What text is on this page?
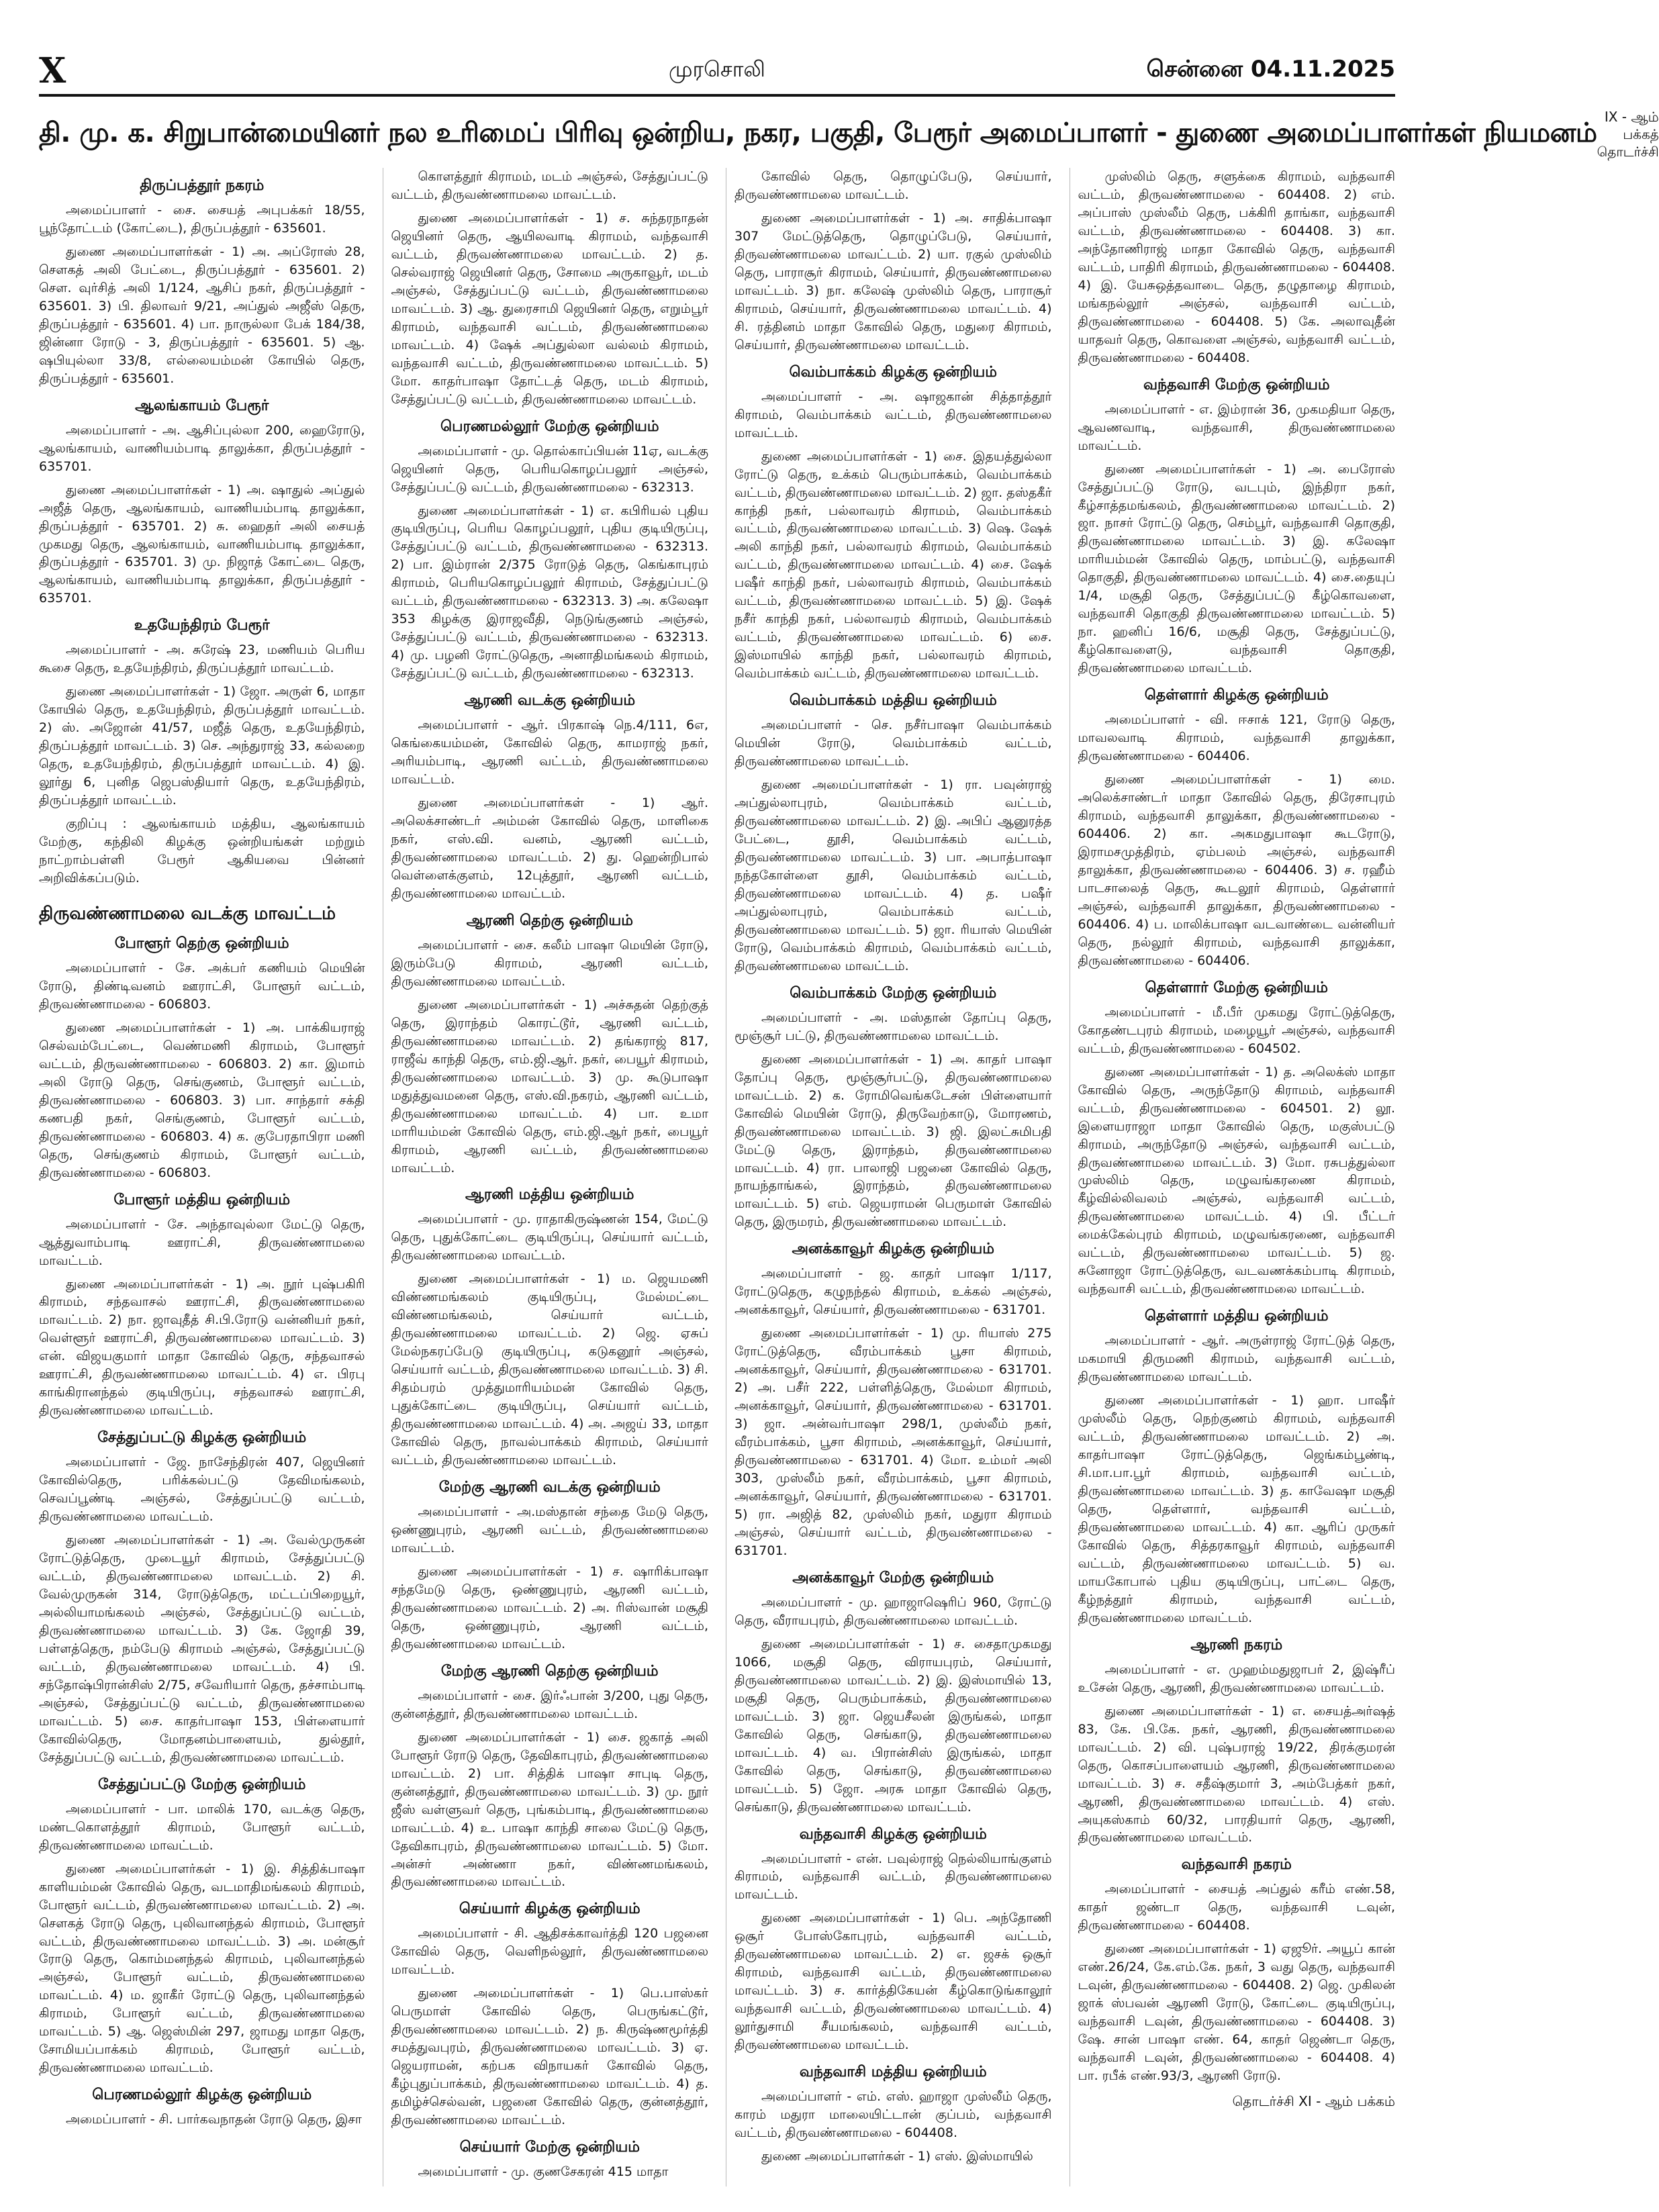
X	முரசொலி	சென்னை 04.11.2025
தி. மு. க. சிறுபான்மையினர் நல உரிமைப் பிரிவு ஒன்றிய, நகர, பகுதி, பேரூர் அமைப்பாளர் - துணை அமைப்பாளர்கள் நியமனம்
IX - ஆம் பக்கத் தொடர்ச்சி
திருப்பத்தூர் நகரம்

அமைப்பாளர் - சை. சையத் அபுபக்கர் 18/55, பூந்தோட்டம் (கோட்டை), திருப்பத்தூர் - 635601.

துணை அமைப்பாளர்கள் - 1) அ. அப்ரோஸ் 28, சௌகத் அலி பேட்டை, திருப்பத்தூர் - 635601. 2) சௌ. வுர்சித் அலி 1/124, ஆசிப் நகர், திருப்பத்தூர் - 635601. 3) பி. திலாவர் 9/21, அப்துல் அஜீஸ் தெரு, திருப்பத்தூர் - 635601. 4) பா. நாருல்லா பேக் 184/38, ஜின்னா ரோடு - 3, திருப்பத்தூர் - 635601. 5) ஆ. ஷபியுல்லா 33/8, எல்லையம்மன் கோயில் தெரு, திருப்பத்தூர் - 635601.

ஆலங்காயம் பேரூர்

அமைப்பாளர் - அ. ஆசிப்புல்லா 200, ஹைரோடு, ஆலங்காயம், வாணியம்பாடி தாலுக்கா, திருப்பத்தூர் - 635701.

துணை அமைப்பாளர்கள் - 1) அ. ஷாதுல் அப்துல் அஜீத் தெரு, ஆலங்காயம், வாணியம்பாடி தாலுக்கா, திருப்பத்தூர் - 635701. 2) சு. ஹைதர் அலி சையத் முகமது தெரு, ஆலங்காயம், வாணியம்பாடி தாலுக்கா, திருப்பத்தூர் - 635701. 3) மு. நிஜாத் கோட்டை தெரு, ஆலங்காயம், வாணியம்பாடி தாலுக்கா, திருப்பத்தூர் - 635701.

உதயேந்திரம் பேரூர்

அமைப்பாளர் - அ. சுரேஷ் 23, மணியம் பெரிய கூசை தெரு, உதயேந்திரம், திருப்பத்தூர் மாவட்டம்.

துணை அமைப்பாளர்கள் - 1) ஜோ. அருள் 6, மாதா கோயில் தெரு, உதயேந்திரம், திருப்பத்தூர் மாவட்டம். 2) ஸ். அஜோன் 41/57, மஜீத் தெரு, உதயேந்திரம், திருப்பத்தூர் மாவட்டம். 3) செ. அந்துராஜ் 33, கல்லறை தெரு, உதயேந்திரம், திருப்பத்தூர் மாவட்டம். 4) இ. லூர்து 6, புனித ஜெபஸ்தியார் தெரு, உதயேந்திரம், திருப்பத்தூர் மாவட்டம்.

குறிப்பு : ஆலங்காயம் மத்திய, ஆலங்காயம் மேற்கு, கந்திலி கிழக்கு ஒன்றியங்கள் மற்றும் நாட்றாம்பள்ளி பேரூர் ஆகியவை பின்னர் அறிவிக்கப்படும்.

திருவண்ணாமலை வடக்கு மாவட்டம்
போளூர் தெற்கு ஒன்றியம்

அமைப்பாளர் - சே. அக்பர் கணியம் மெயின் ரோடு, திண்டிவனம் ஊராட்சி, போளூர் வட்டம், திருவண்ணாமலை - 606803.

துணை அமைப்பாளர்கள் - 1) அ. பாக்கியராஜ் செல்வம்பேட்டை, வெண்மணி கிராமம், போளூர் வட்டம், திருவண்ணாமலை - 606803. 2) கா. இமாம் அலி ரோடு தெரு, செங்குணம், போளூர் வட்டம், திருவண்ணாமலை - 606803. 3) பா. சாந்தார் சக்தி கணபதி நகர், செங்குணம், போளூர் வட்டம், திருவண்ணாமலை - 606803. 4) க. குபேரதாபிரா மணி தெரு, செங்குணம் கிராமம், போளூர் வட்டம், திருவண்ணாமலை - 606803.

போளூர் மத்திய ஒன்றியம்

அமைப்பாளர் - சே. அந்தாவுல்லா மேட்டு தெரு, ஆத்துவாம்பாடி ஊராட்சி, திருவண்ணாமலை மாவட்டம்.

துணை அமைப்பாளர்கள் - 1) அ. நூர் புஷ்பகிரி கிராமம், சந்தவாசல் ஊராட்சி, திருவண்ணாமலை மாவட்டம். 2) நா. ஜாவுதீத் சி.பி.ரோடு வன்னியர் நகர், வெள்ளூர் ஊராட்சி, திருவண்ணாமலை மாவட்டம். 3) என். விஜயகுமார் மாதா கோவில் தெரு, சந்தவாசல் ஊராட்சி, திருவண்ணாமலை மாவட்டம். 4) எ. பிரபு காங்கிரானந்தல் குடியிருப்பு, சந்தவாசல் ஊராட்சி, திருவண்ணாமலை மாவட்டம்.

சேத்துப்பட்டு கிழக்கு ஒன்றியம்

அமைப்பாளர் - ஜே. நாசேந்திரன் 407, ஜெயினர் கோவில்தெரு, பரிக்கல்பட்டு தேவிமங்கலம், செவப்பூண்டி அஞ்சல், சேத்துப்பட்டு வட்டம், திருவண்ணாமலை மாவட்டம்.

துணை அமைப்பாளர்கள் - 1) அ. வேல்முருகன் ரோட்டுத்தெரு, முடையூர் கிராமம், சேத்துப்பட்டு வட்டம், திருவண்ணாமலை மாவட்டம். 2) சி. வேல்முருகன் 314, ரோடுத்தெரு, மட்டப்பிறையூர், அல்லியாமங்கலம் அஞ்சல், சேத்துப்பட்டு வட்டம், திருவண்ணாமலை மாவட்டம். 3) கே. ஜோதி 39, பள்ளத்தெரு, நம்பேடு கிராமம் அஞ்சல், சேத்துப்பட்டு வட்டம், திருவண்ணாமலை மாவட்டம். 4) பி. சந்தோஷ்பிரான்சிஸ் 2/75, சவேரியார் தெரு, தச்சாம்பாடி அஞ்சல், சேத்துப்பட்டு வட்டம், திருவண்ணாமலை மாவட்டம். 5) சை. காதர்பாஷா 153, பிள்ளையார் கோவில்தெரு, மோதனம்பாளையம், துல்தூர், சேத்துப்பட்டு வட்டம், திருவண்ணாமலை மாவட்டம்.

சேத்துப்பட்டு மேற்கு ஒன்றியம்

அமைப்பாளர் - பா. மாலிக் 170, வடக்கு தெரு, மண்டகொளத்தூர் கிராமம், போளூர் வட்டம், திருவண்ணாமலை மாவட்டம்.

துணை அமைப்பாளர்கள் - 1) இ. சித்திக்பாஷா காளியம்மன் கோவில் தெரு, வடமாதிமங்கலம் கிராமம், போளூர் வட்டம், திருவண்ணாமலை மாவட்டம். 2) அ. சௌகத் ரோடு தெரு, புலிவானந்தல் கிராமம், போளூர் வட்டம், திருவண்ணாமலை மாவட்டம். 3) அ. மன்சூர் ரோடு தெரு, கொம்மனந்தல் கிராமம், புலிவானந்தல் அஞ்சல், போளூர் வட்டம், திருவண்ணாமலை மாவட்டம். 4) ம. ஜாகீர் ரோட்டு தெரு, புலிவானந்தல் கிராமம், போளூர் வட்டம், திருவண்ணாமலை மாவட்டம். 5) ஆ. ஜெஸ்மின் 297, ஜாமது மாதா தெரு, சோமியப்பாக்கம் கிராமம், போளூர் வட்டம், திருவண்ணாமலை மாவட்டம்.

பெரணமல்லூர் கிழக்கு ஒன்றியம்

அமைப்பாளர் - சி. பார்கவநாதன் ரோடு தெரு, இசா

கொளத்தூர் கிராமம், மடம் அஞ்சல், சேத்துப்பட்டு வட்டம், திருவண்ணாமலை மாவட்டம்.

துணை அமைப்பாளர்கள் - 1) ச. சுந்தரநாதன் ஜெயினர் தெரு, ஆயிலவாடி கிராமம், வந்தவாசி வட்டம், திருவண்ணாமலை மாவட்டம். 2) த. செல்வராஜ் ஜெயினர் தெரு, சோமை அருகாவூர், மடம் அஞ்சல், சேத்துப்பட்டு வட்டம், திருவண்ணாமலை மாவட்டம். 3) ஆ. துரைசாமி ஜெயினர் தெரு, எறும்பூர் கிராமம், வந்தவாசி வட்டம், திருவண்ணாமலை மாவட்டம். 4) ஷேக் அப்துல்லா வல்லம் கிராமம், வந்தவாசி வட்டம், திருவண்ணாமலை மாவட்டம். 5) மோ. காதர்பாஷா தோட்டத் தெரு, மடம் கிராமம், சேத்துப்பட்டு வட்டம், திருவண்ணாமலை மாவட்டம்.

பெரணமல்லூர் மேற்கு ஒன்றியம்

அமைப்பாளர் - மு. தொல்காப்பியன் 11ஏ, வடக்கு ஜெயினர் தெரு, பெரியகொழப்பலூர் அஞ்சல், சேத்துப்பட்டு வட்டம், திருவண்ணாமலை - 632313.

துணை அமைப்பாளர்கள் - 1) எ. கபிரியல் புதிய குடியிருப்பு, பெரிய கொழப்பலூர், புதிய குடியிருப்பு, சேத்துப்பட்டு வட்டம், திருவண்ணாமலை - 632313. 2) பா. இம்ரான் 2/375 ரோடுத் தெரு, கெங்காபுரம் கிராமம், பெரியகொழப்பலூர் கிராமம், சேத்துப்பட்டு வட்டம், திருவண்ணாமலை - 632313. 3) அ. கலேஷா 353 கிழக்கு இராஜவீதி, நெடுங்குணம் அஞ்சல், சேத்துப்பட்டு வட்டம், திருவண்ணாமலை - 632313. 4) மு. பழனி ரோட்டுதெரு, அனாதிமங்கலம் கிராமம், சேத்துப்பட்டு வட்டம், திருவண்ணாமலை - 632313.

ஆரணி வடக்கு ஒன்றியம்

அமைப்பாளர் - ஆர். பிரகாஷ் நெ.4/111, 6எ, கெங்கையம்மன், கோவில் தெரு, காமராஜ் நகர், அரியம்பாடி, ஆரணி வட்டம், திருவண்ணாமலை மாவட்டம்.

துணை அமைப்பாளர்கள் - 1) ஆர். அலெக்சாண்டர் அம்மன் கோவில் தெரு, மாளிகை நகர், எஸ்.வி. வனம், ஆரணி வட்டம், திருவண்ணாமலை மாவட்டம். 2) து. ஹென்றிபால் வெள்ளைக்குளம், 12புத்தூர், ஆரணி வட்டம், திருவண்ணாமலை மாவட்டம்.

ஆரணி தெற்கு ஒன்றியம்

அமைப்பாளர் - சை. கலீம் பாஷா மெயின் ரோடு, இரும்பேடு கிராமம், ஆரணி வட்டம், திருவண்ணாமலை மாவட்டம்.

துணை அமைப்பாளர்கள் - 1) அச்சுதன் தெற்குத் தெரு, இராந்தம் கொரட்டூர், ஆரணி வட்டம், திருவண்ணாமலை மாவட்டம். 2) தங்கராஜ் 817, ராஜீவ் காந்தி தெரு, எம்.ஜி.ஆர். நகர், பையூர் கிராமம், திருவண்ணாமலை மாவட்டம். 3) மு. கூடுபாஷா மதுத்துவமனை தெரு, எஸ்.வி.நகரம், ஆரணி வட்டம், திருவண்ணாமலை மாவட்டம். 4) பா. உமா மாரியம்மன் கோவில் தெரு, எம்.ஜி.ஆர் நகர், பையூர் கிராமம், ஆரணி வட்டம், திருவண்ணாமலை மாவட்டம்.

ஆரணி மத்திய ஒன்றியம்

அமைப்பாளர் - மு. ராதாகிருஷ்ணன் 154, மேட்டு தெரு, புதுக்கோட்டை குடியிருப்பு, செய்யார் வட்டம், திருவண்ணாமலை மாவட்டம்.

துணை அமைப்பாளர்கள் - 1) ம. ஜெயமணி விண்ணமங்கலம் குடியிருப்பு, மேல்மட்டை விண்ணமங்கலம், செய்யார் வட்டம், திருவண்ணாமலை மாவட்டம். 2) ஜெ. ஏசுப் மேல்நகரப்பேடு குடியிருப்பு, கடுகனூர் அஞ்சல், செய்யார் வட்டம், திருவண்ணாமலை மாவட்டம். 3) சி. சிதம்பரம் முத்துமாரியம்மன் கோவில் தெரு, புதுக்கோட்டை குடியிருப்பு, செய்யார் வட்டம், திருவண்ணாமலை மாவட்டம். 4) அ. அஜய் 33, மாதா கோவில் தெரு, நாவல்பாக்கம் கிராமம், செய்யார் வட்டம், திருவண்ணாமலை மாவட்டம்.

மேற்கு ஆரணி வடக்கு ஒன்றியம்

அமைப்பாளர் - அ.மஸ்தான் சந்தை மேடு தெரு, ஒண்ணுபுரம், ஆரணி வட்டம், திருவண்ணாமலை மாவட்டம்.

துணை அமைப்பாளர்கள் - 1) ச. ஷாரிக்பாஷா சந்தமேடு தெரு, ஒண்ணுபுரம், ஆரணி வட்டம், திருவண்ணாமலை மாவட்டம். 2) அ. ரிஸ்வான் மசூதி தெரு, ஒண்ணுபுரம், ஆரணி வட்டம், திருவண்ணாமலை மாவட்டம்.

மேற்கு ஆரணி தெற்கு ஒன்றியம்

அமைப்பாளர் - சை. இர்ஃபான் 3/200, புது தெரு, குன்னத்தூர், திருவண்ணாமலை மாவட்டம்.

துணை அமைப்பாளர்கள் - 1) சை. ஜகாத் அலி போளூர் ரோடு தெரு, தேவிகாபுரம், திருவண்ணாமலை மாவட்டம். 2) பா. சித்திக் பாஷா சாபுடி தெரு, குன்னத்தூர், திருவண்ணாமலை மாவட்டம். 3) மு. நூர் ஜீஸ் வள்ளுவர் தெரு, புங்கம்பாடி, திருவண்ணாமலை மாவட்டம். 4) உ. பாஷா காந்தி சாலை மேட்டு தெரு, தேவிகாபுரம், திருவண்ணாமலை மாவட்டம். 5) மோ. அன்சர் அண்ணா நகர், விண்ணமங்கலம், திருவண்ணாமலை மாவட்டம்.

செய்யார் கிழக்கு ஒன்றியம்

அமைப்பாளர் - சி. ஆதிசக்காவர்த்தி 120 பஜனை கோவில் தெரு, வெளிநல்லூர், திருவண்ணாமலை மாவட்டம்.

துணை அமைப்பாளர்கள் - 1) பெ.பாஸ்கர் பெருமாள் கோவில் தெரு, பெருங்கட்டூர், திருவண்ணாமலை மாவட்டம். 2) ந. கிருஷ்ணமூர்த்தி சமத்துவபுரம், திருவண்ணாமலை மாவட்டம். 3) ஏ. ஜெயராமன், கற்பக விநாயகர் கோவில் தெரு, கீழ்புதுப்பாக்கம், திருவண்ணாமலை மாவட்டம். 4) த. தமிழ்ச்செல்வன், பஜனை கோவில் தெரு, குன்னத்தூர், திருவண்ணாமலை மாவட்டம்.

செய்யார் மேற்கு ஒன்றியம்

அமைப்பாளர் - மு. குணசேகரன் 415 மாதா

கோவில் தெரு, தொழுப்பேடு, செய்யார், திருவண்ணாமலை மாவட்டம்.

துணை அமைப்பாளர்கள் - 1) அ. சாதிக்பாஷா 307 மேட்டுத்தெரு, தொழுப்பேடு, செய்யார், திருவண்ணாமலை மாவட்டம். 2) யா. ரகுல் முஸ்லிம் தெரு, பாராசூர் கிராமம், செய்யார், திருவண்ணாமலை மாவட்டம். 3) நா. கலேஷ் முஸ்லிம் தெரு, பாராசூர் கிராமம், செய்யார், திருவண்ணாமலை மாவட்டம். 4) சி. ரத்தினம் மாதா கோவில் தெரு, மதுரை கிராமம், செய்யார், திருவண்ணாமலை மாவட்டம்.

வெம்பாக்கம் கிழக்கு ஒன்றியம்

அமைப்பாளர் - அ. ஷாஜகான் சித்தாத்தூர் கிராமம், வெம்பாக்கம் வட்டம், திருவண்ணாமலை மாவட்டம்.

துணை அமைப்பாளர்கள் - 1) சை. இதயத்துல்லா ரோட்டு தெரு, உக்கம் பெரும்பாக்கம், வெம்பாக்கம் வட்டம், திருவண்ணாமலை மாவட்டம். 2) ஜா. தஸ்தகீர் காந்தி நகர், பல்லாவரம் கிராமம், வெம்பாக்கம் வட்டம், திருவண்ணாமலை மாவட்டம். 3) ஷெ. ஷேக் அலி காந்தி நகர், பல்லாவரம் கிராமம், வெம்பாக்கம் வட்டம், திருவண்ணாமலை மாவட்டம். 4) சை. ஷேக் பஷீர் காந்தி நகர், பல்லாவரம் கிராமம், வெம்பாக்கம் வட்டம், திருவண்ணாமலை மாவட்டம். 5) இ. ஷேக் நசீர் காந்தி நகர், பல்லாவரம் கிராமம், வெம்பாக்கம் வட்டம், திருவண்ணாமலை மாவட்டம். 6) சை. இஸ்மாயில் காந்தி நகர், பல்லாவரம் கிராமம், வெம்பாக்கம் வட்டம், திருவண்ணாமலை மாவட்டம்.

வெம்பாக்கம் மத்திய ஒன்றியம்

அமைப்பாளர் - செ. நசீர்பாஷா வெம்பாக்கம் மெயின் ரோடு, வெம்பாக்கம் வட்டம், திருவண்ணாமலை மாவட்டம்.

துணை அமைப்பாளர்கள் - 1) ரா. பவுன்ராஜ் அப்துல்லாபுரம், வெம்பாக்கம் வட்டம், திருவண்ணாமலை மாவட்டம். 2) இ. அபிப் ஆனுரத்த பேட்டை, தூசி, வெம்பாக்கம் வட்டம், திருவண்ணாமலை மாவட்டம். 3) பா. அபாத்பாஷா நந்தகோள்ளை தூசி, வெம்பாக்கம் வட்டம், திருவண்ணாமலை மாவட்டம். 4) த. பஷீர் அப்துல்லாபுரம், வெம்பாக்கம் வட்டம், திருவண்ணாமலை மாவட்டம். 5) ஜா. ரியாஸ் மெயின் ரோடு, வெம்பாக்கம் கிராமம், வெம்பாக்கம் வட்டம், திருவண்ணாமலை மாவட்டம்.

வெம்பாக்கம் மேற்கு ஒன்றியம்

அமைப்பாளர் - அ. மஸ்தான் தோப்பு தெரு, மூஞ்சூர் பட்டு, திருவண்ணாமலை மாவட்டம்.

துணை அமைப்பாளர்கள் - 1) அ. காதர் பாஷா தோப்பு தெரு, மூஞ்சூர்பட்டு, திருவண்ணாமலை மாவட்டம். 2) க. ரோமிவெங்கடேசன் பிள்ளையார் கோவில் மெயின் ரோடு, திருவேற்காடு, மோரணம், திருவண்ணாமலை மாவட்டம். 3) ஜி. இலட்சுமிபதி மேட்டு தெரு, இராந்தம், திருவண்ணாமலை மாவட்டம். 4) ரா. பாலாஜி பஜனை கோவில் தெரு, நாயந்தாங்கல், இராந்தம், திருவண்ணாமலை மாவட்டம். 5) எம். ஜெயராமன் பெருமாள் கோவில் தெரு, இருமரம், திருவண்ணாமலை மாவட்டம்.

அனக்காவூர் கிழக்கு ஒன்றியம்

அமைப்பாளர் - ஜ. காதர் பாஷா 1/117, ரோட்டுதெரு, கழுநந்தல் கிராமம், உக்கல் அஞ்சல், அனக்காவூர், செய்யார், திருவண்ணாமலை - 631701.

துணை அமைப்பாளர்கள் - 1) மு. ரியாஸ் 275 ரோட்டுத்தெரு, வீரம்பாக்கம் பூசா கிராமம், அனக்காவூர், செய்யார், திருவண்ணாமலை - 631701. 2) அ. பசீர் 222, பள்ளித்தெரு, மேல்மா கிராமம், அனக்காவூர், செய்யார், திருவண்ணாமலை - 631701. 3) ஜா. அன்வர்பாஷா 298/1, முஸ்லீம் நகர், வீரம்பாக்கம், பூசா கிராமம், அனக்காவூர், செய்யார், திருவண்ணாமலை - 631701. 4) மோ. உம்மர் அலி 303, முஸ்லீம் நகர், வீரம்பாக்கம், பூசா கிராமம், அனக்காவூர், செய்யார், திருவண்ணாமலை - 631701. 5) ரா. அஜித் 82, முஸ்லிம் நகர், மதுரா கிராமம் அஞ்சல், செய்யார் வட்டம், திருவண்ணாமலை - 631701.

அனக்காவூர் மேற்கு ஒன்றியம்

அமைப்பாளர் - மு. ஹாஜாஷெரிப் 960, ரோட்டு தெரு, வீராயபுரம், திருவண்ணாமலை மாவட்டம்.

துணை அமைப்பாளர்கள் - 1) ச. சைதாமுகமது 1066, மசூதி தெரு, விராயபுரம், செய்யார், திருவண்ணாமலை மாவட்டம். 2) இ. இஸ்மாயில் 13, மசூதி தெரு, பெரும்பாக்கம், திருவண்ணாமலை மாவட்டம். 3) ஜா. ஜெயசீலன் இருங்கல், மாதா கோவில் தெரு, செங்காடு, திருவண்ணாமலை மாவட்டம். 4) வ. பிரான்சிஸ் இருங்கல், மாதா கோவில் தெரு, செங்காடு, திருவண்ணாமலை மாவட்டம். 5) ஜோ. அரசு மாதா கோவில் தெரு, செங்காடு, திருவண்ணாமலை மாவட்டம்.

வந்தவாசி கிழக்கு ஒன்றியம்

அமைப்பாளர் - என். பவுல்ராஜ் நெல்லியாங்குளம் கிராமம், வந்தவாசி வட்டம், திருவண்ணாமலை மாவட்டம்.

துணை அமைப்பாளர்கள் - 1) பெ. அந்தோணி ஒசூர் போஸ்கோபுரம், வந்தவாசி வட்டம், திருவண்ணாமலை மாவட்டம். 2) எ. ஜசக் ஒசூர் கிராமம், வந்தவாசி வட்டம், திருவண்ணாமலை மாவட்டம். 3) ச. கார்த்திகேயன் கீழ்கொடுங்காலூர் வந்தவாசி வட்டம், திருவண்ணாமலை மாவட்டம். 4) லூர்துசாமி சீயமங்கலம், வந்தவாசி வட்டம், திருவண்ணாமலை மாவட்டம்.

வந்தவாசி மத்திய ஒன்றியம்

அமைப்பாளர் - எம். எஸ். ஹாஜா முஸ்லீம் தெரு, காரம் மதுரா மாலையிட்டான் குப்பம், வந்தவாசி வட்டம், திருவண்ணாமலை - 604408.

துணை அமைப்பாளர்கள் - 1) எஸ். இஸ்மாயில்

முஸ்லிம் தெரு, சளுக்கை கிராமம், வந்தவாசி வட்டம், திருவண்ணாமலை - 604408. 2) எம். அப்பாஸ் முஸ்லீம் தெரு, பக்கிரி தாங்கா, வந்தவாசி வட்டம், திருவண்ணாமலை - 604408. 3) கா. அந்தோணிராஜ் மாதா கோவில் தெரு, வந்தவாசி வட்டம், பாதிரி கிராமம், திருவண்ணாமலை - 604408. 4) இ. யேசுஒத்தவாடை தெரு, தழுதாழை கிராமம், மங்கநல்லூர் அஞ்சல், வந்தவாசி வட்டம், திருவண்ணாமலை - 604408. 5) கே. அலாவுதீன் யாதவர் தெரு, கொவளை அஞ்சல், வந்தவாசி வட்டம், திருவண்ணாமலை - 604408.

வந்தவாசி மேற்கு ஒன்றியம்

அமைப்பாளர் - எ. இம்ரான் 36, முகமதியா தெரு, ஆவணவாடி, வந்தவாசி, திருவண்ணாமலை மாவட்டம்.

துணை அமைப்பாளர்கள் - 1) அ. பைரோஸ் சேத்துப்பட்டு ரோடு, வடபும், இந்திரா நகர், கீழ்சாத்தமங்கலம், திருவண்ணாமலை மாவட்டம். 2) ஜா. நாசர் ரோட்டு தெரு, செம்பூர், வந்தவாசி தொகுதி, திருவண்ணாமலை மாவட்டம். 3) இ. கலேஷா மாரியம்மன் கோவில் தெரு, மாம்பட்டு, வந்தவாசி தொகுதி, திருவண்ணாமலை மாவட்டம். 4) சை.தையுப் 1/4, மசூதி தெரு, சேத்துப்பட்டு கீழ்கொவளை, வந்தவாசி தொகுதி திருவண்ணாமலை மாவட்டம். 5) நா. ஹனிப் 16/6, மசூதி தெரு, சேத்துப்பட்டு, கீழ்கொவளைடு, வந்தவாசி தொகுதி, திருவண்ணாமலை மாவட்டம்.

தெள்ளார் கிழக்கு ஒன்றியம்

அமைப்பாளர் - வி. ஈசாக் 121, ரோடு தெரு, மாவலவாடி கிராமம், வந்தவாசி தாலுக்கா, திருவண்ணாமலை - 604406.

துணை அமைப்பாளர்கள் - 1) மை. அலெக்சாண்டர் மாதா கோவில் தெரு, திரேசாபுரம் கிராமம், வந்தவாசி தாலுக்கா, திருவண்ணாமலை - 604406. 2) கா. அகமதுபாஷா கூடரோடு, இராமசமுத்திரம், ஏம்பலம் அஞ்சல், வந்தவாசி தாலுக்கா, திருவண்ணாமலை - 604406. 3) ச. ரஹீம் பாடசாலைத் தெரு, கூடலூர் கிராமம், தெள்ளார் அஞ்சல், வந்தவாசி தாலுக்கா, திருவண்ணாமலை - 604406. 4) ப. மாலிக்பாஷா வடவாண்டை வன்னியர் தெரு, நல்லூர் கிராமம், வந்தவாசி தாலுக்கா, திருவண்ணாமலை - 604406.

தெள்ளார் மேற்கு ஒன்றியம்

அமைப்பாளர் - மீ.பீர் முகமது ரோட்டுத்தெரு, கோதண்டபுரம் கிராமம், மழையூர் அஞ்சல், வந்தவாசி வட்டம், திருவண்ணாமலை - 604502.

துணை அமைப்பாளர்கள் - 1) த. அலெக்ஸ் மாதா கோவில் தெரு, அருந்தோடு கிராமம், வந்தவாசி வட்டம், திருவண்ணாமலை - 604501. 2) லூ. இளையராஜா மாதா கோவில் தெரு, மகுஸ்பட்டு கிராமம், அருந்தோடு அஞ்சல், வந்தவாசி வட்டம், திருவண்ணாமலை மாவட்டம். 3) மோ. ரசுபத்துல்லா முஸ்லிம் தெரு, மழுவங்கரணை கிராமம், கீழ்வில்லிவலம் அஞ்சல், வந்தவாசி வட்டம், திருவண்ணாமலை மாவட்டம். 4) பி. பீட்டர் மைக்கேல்புரம் கிராமம், மழுவங்கரணை, வந்தவாசி வட்டம், திருவண்ணாமலை மாவட்டம். 5) ஜ. சுனோஜா ரோட்டுத்தெரு, வடவணக்கம்பாடி கிராமம், வந்தவாசி வட்டம், திருவண்ணாமலை மாவட்டம்.

தெள்ளார் மத்திய ஒன்றியம்

அமைப்பாளர் - ஆர். அருள்ராஜ் ரோட்டுத் தெரு, மகமாயி திருமணி கிராமம், வந்தவாசி வட்டம், திருவண்ணாமலை மாவட்டம்.

துணை அமைப்பாளர்கள் - 1) ஹா. பாஷீர் முஸ்லீம் தெரு, நெற்குணம் கிராமம், வந்தவாசி வட்டம், திருவண்ணாமலை மாவட்டம். 2) அ. காதர்பாஷா ரோட்டுத்தெரு, ஜெங்கம்பூண்டி, சி.மா.பா.பூர் கிராமம், வந்தவாசி வட்டம், திருவண்ணாமலை மாவட்டம். 3) த. காவேஷா மசூதி தெரு, தெள்ளார், வந்தவாசி வட்டம், திருவண்ணாமலை மாவட்டம். 4) கா. ஆரிப் முருகர் கோவில் தெரு, சித்தரகாவூர் கிராமம், வந்தவாசி வட்டம், திருவண்ணாமலை மாவட்டம். 5) வ. மாயகோபால் புதிய குடியிருப்பு, பாட்டை தெரு, கீழ்நத்தூர் கிராமம், வந்தவாசி வட்டம், திருவண்ணாமலை மாவட்டம்.

ஆரணி நகரம்

அமைப்பாளர் - எ. முஹம்மதுஜாபர் 2, இஷ்ரீப் உசேன் தெரு, ஆரணி, திருவண்ணாமலை மாவட்டம்.

துணை அமைப்பாளர்கள் - 1) எ. சையத்அர்ஷத் 83, கே. பி.கே. நகர், ஆரணி, திருவண்ணாமலை மாவட்டம். 2) வி. புஷ்பராஜ் 19/22, திரக்குமரன் தெரு, கொசப்பாளையம் ஆரணி, திருவண்ணாமலை மாவட்டம். 3) ச. சதீஷ்குமார் 3, அம்பேத்கர் நகர், ஆரணி, திருவண்ணாமலை மாவட்டம். 4) எஸ். அயுகஸ்காம் 60/32, பாரதியார் தெரு, ஆரணி, திருவண்ணாமலை மாவட்டம்.

வந்தவாசி நகரம்

அமைப்பாளர் - சையத் அப்துல் கரீம் எண்.58, காதர் ஜண்டா தெரு, வந்தவாசி டவுன், திருவண்ணாமலை - 604408.

துணை அமைப்பாளர்கள் - 1) ஏஜூர். அயூப் கான் எண்.26/24, கே.எம்.கே. நகர், 3 வது தெரு, வந்தவாசி டவுன், திருவண்ணாமலை - 604408. 2) ஜெ. முகிலன் ஜாக் ஸ்பவன் ஆரணி ரோடு, கோட்டை குடியிருப்பு, வந்தவாசி டவுன், திருவண்ணாமலை - 604408. 3) ஷே. சான் பாஷா எண். 64, காதர் ஜெண்டா தெரு, வந்தவாசி டவுன், திருவண்ணாமலை - 604408. 4) பா. ரபீக் எண்.93/3, ஆரணி ரோடு.

தொடர்ச்சி XI - ஆம் பக்கம்
